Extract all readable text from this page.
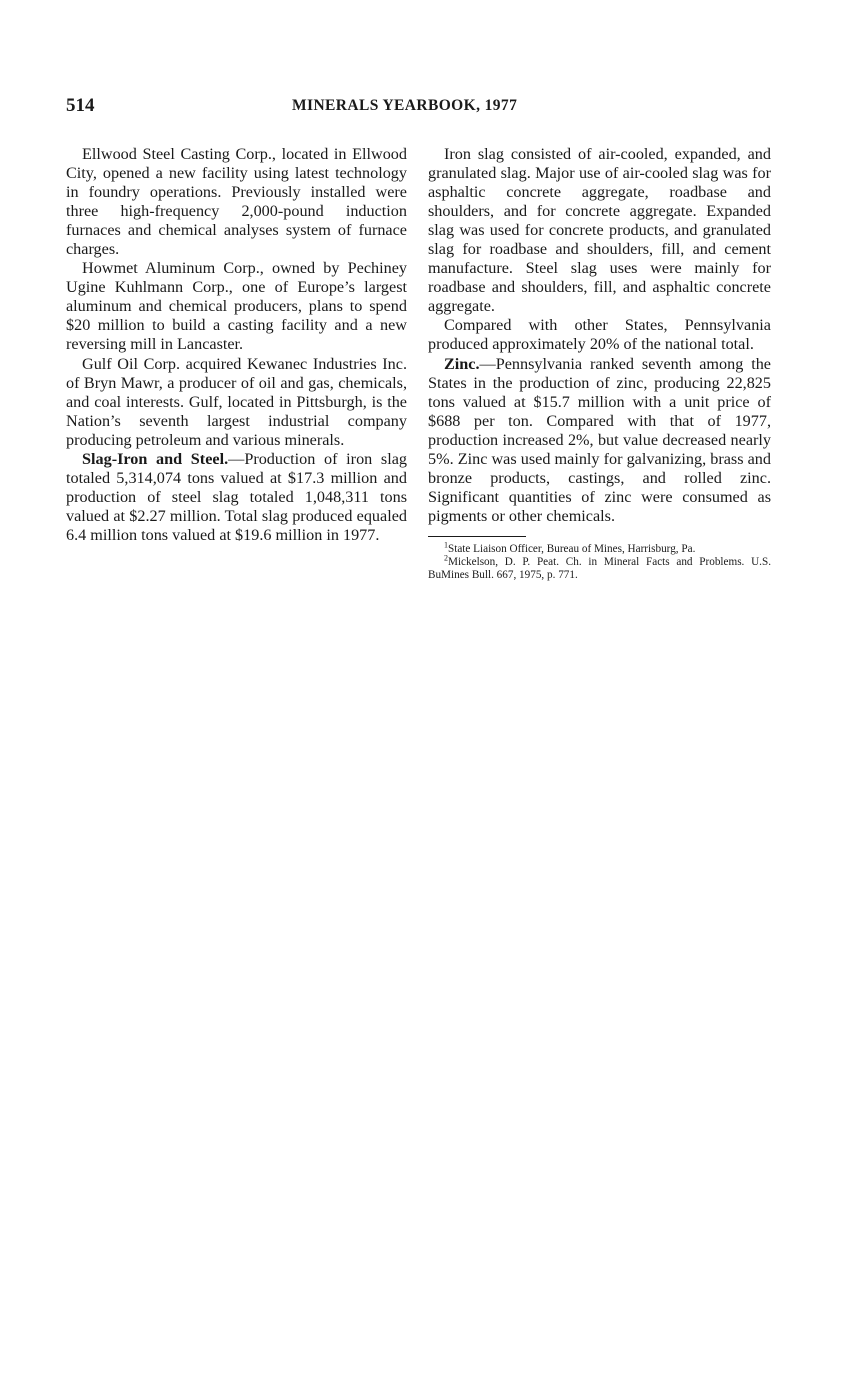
514	MINERALS YEARBOOK, 1977

Ellwood Steel Casting Corp., located in Ellwood City, opened a new facility using latest technology in foundry operations. Previously installed were three high-frequency 2,000-pound induction furnaces and chemical analyses system of furnace charges.

Howmet Aluminum Corp., owned by Pechiney Ugine Kuhlmann Corp., one of Europe’s largest aluminum and chemical producers, plans to spend $20 million to build a casting facility and a new reversing mill in Lancaster.

Gulf Oil Corp. acquired Kewanec Industries Inc. of Bryn Mawr, a producer of oil and gas, chemicals, and coal interests. Gulf, located in Pittsburgh, is the Nation’s seventh largest industrial company producing petroleum and various minerals.

Slag-Iron and Steel.—Production of iron slag totaled 5,314,074 tons valued at $17.3 million and production of steel slag totaled 1,048,311 tons valued at $2.27 million. Total slag produced equaled 6.4 million tons valued at $19.6 million in 1977.

Iron slag consisted of air-cooled, expanded, and granulated slag. Major use of air-cooled slag was for asphaltic concrete aggregate, roadbase and shoulders, and for concrete aggregate. Expanded slag was used for concrete products, and granulated slag for roadbase and shoulders, fill, and cement manufacture. Steel slag uses were mainly for roadbase and shoulders, fill, and asphaltic concrete aggregate.

Compared with other States, Pennsylvania produced approximately 20% of the national total.

Zinc.—Pennsylvania ranked seventh among the States in the production of zinc, producing 22,825 tons valued at $15.7 million with a unit price of $688 per ton. Compared with that of 1977, production increased 2%, but value decreased nearly 5%. Zinc was used mainly for galvanizing, brass and bronze products, castings, and rolled zinc. Significant quantities of zinc were consumed as pigments or other chemicals.

$^1$State Liaison Officer, Bureau of Mines, Harrisburg, Pa.

$^2$Mickelson, D. P. Peat. Ch. in Mineral Facts and Problems. U.S. BuMines Bull. 667, 1975, p. 771.
